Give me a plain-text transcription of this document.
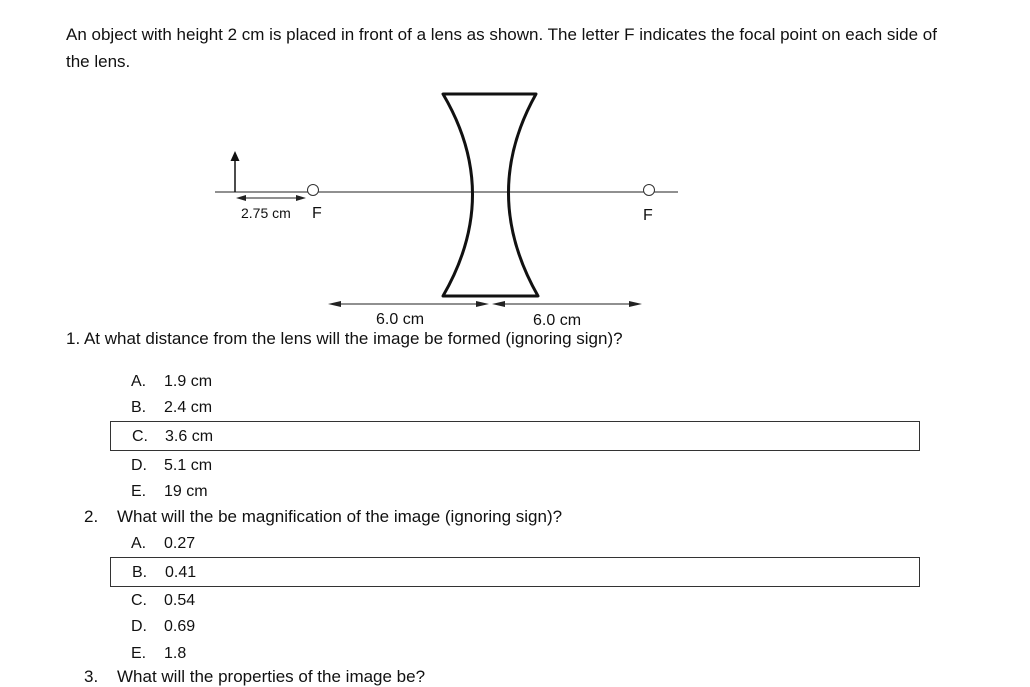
An object with height 2 cm is placed in front of a lens as shown. The letter F indicates the focal point on each side of the lens.

2.75 cm F	F
6.0 cm	6.0 cm

1. At what distance from the lens will the image be formed (ignoring sign)?

A. 1.9 cm
B. 2.4 cm
C. 3.6 cm
D. 5.1 cm
E. 19 cm
2. What will the be magnification of the image (ignoring sign)?
A. 0.27
B. 0.41
C. 0.54
D. 0.69
E. 1.8
3. What will the properties of the image be?
